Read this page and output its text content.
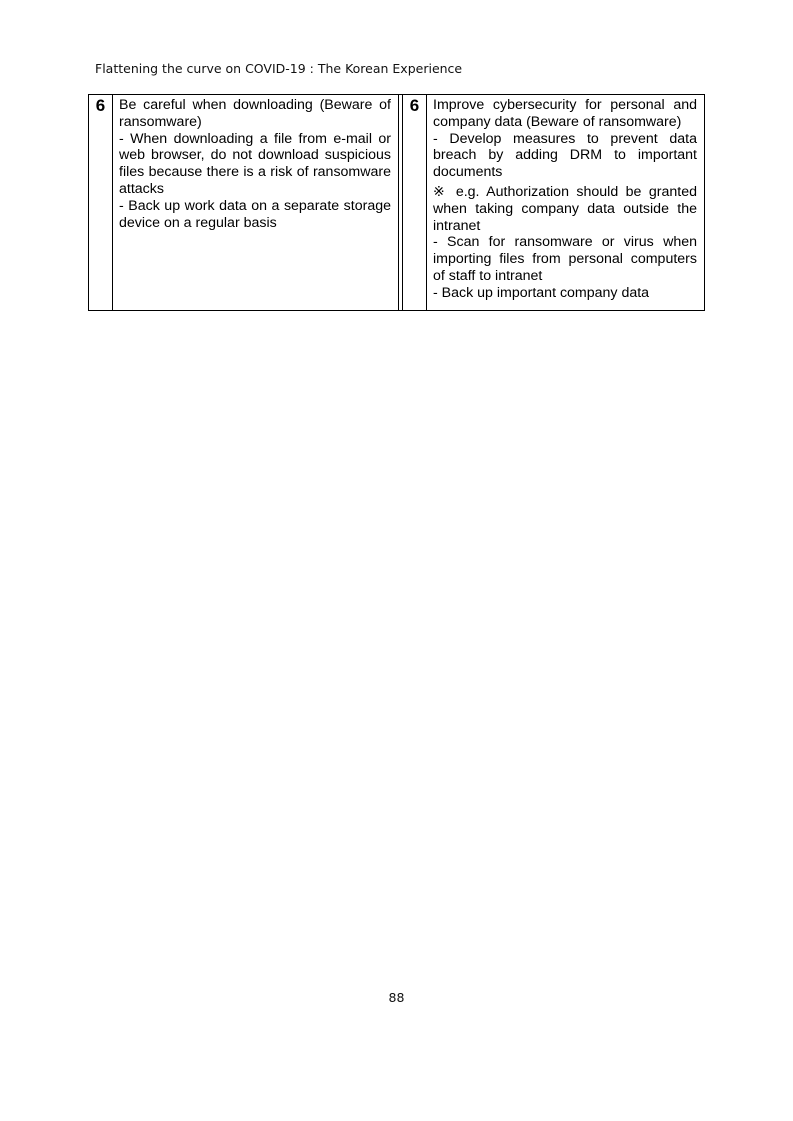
Flattening the curve on COVID-19 : The Korean Experience
6 Be careful when downloading (Beware of ransomware)
- When downloading a file from e-mail or web browser, do not download suspicious files because there is a risk of ransomware attacks
- Back up work data on a separate storage device on a regular basis
6 Improve cybersecurity for personal and company data (Beware of ransomware)
- Develop measures to prevent data breach by adding DRM to important documents
※ e.g. Authorization should be granted when taking company data outside the intranet
- Scan for ransomware or virus when importing files from personal computers of staff to intranet
- Back up important company data
88
